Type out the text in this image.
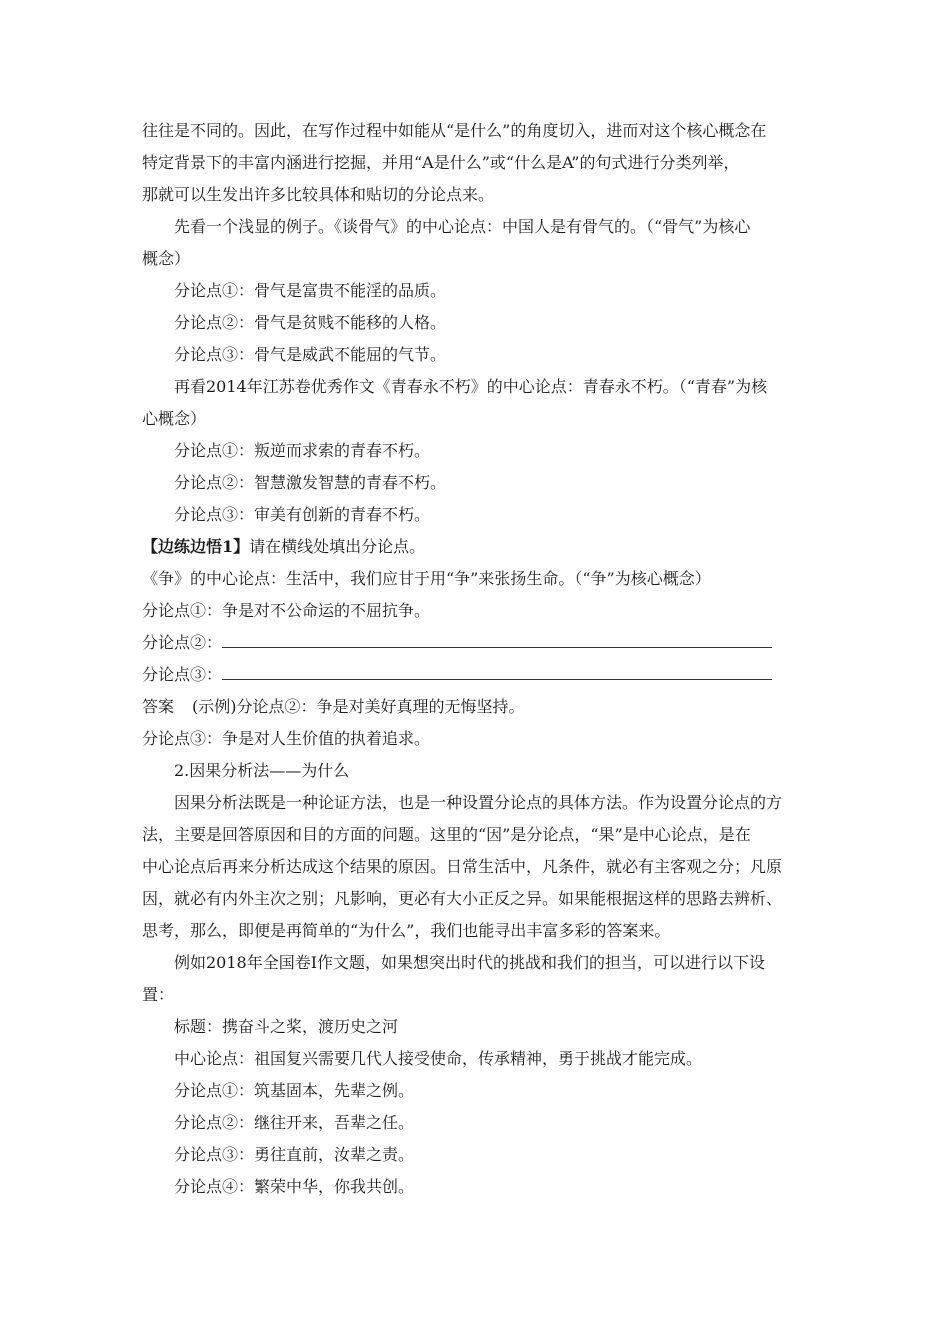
往往是不同的。因此，在写作过程中如能从“是什么”的角度切入，进而对这个核心概念在
特定背景下的丰富内涵进行挖掘，并用“A是什么”或“什么是A”的句式进行分类列举，
那就可以生发出许多比较具体和贴切的分论点来。
先看一个浅显的例子。《谈骨气》的中心论点：中国人是有骨气的。（“骨气”为核心
概念）
分论点①：骨气是富贵不能淫的品质。
分论点②：骨气是贫贱不能移的人格。
分论点③：骨气是威武不能屈的气节。
再看2014年江苏卷优秀作文《青春永不朽》的中心论点：青春永不朽。（“青春”为核
心概念）
分论点①：叛逆而求索的青春不朽。
分论点②：智慧激发智慧的青春不朽。
分论点③：审美有创新的青春不朽。
【边练边悟1】请在横线处填出分论点。
《争》的中心论点：生活中，我们应甘于用“争”来张扬生命。（“争”为核心概念）
分论点①：争是对不公命运的不屈抗争。
分论点②：
分论点③：
答案 (示例)分论点②：争是对美好真理的无悔坚持。
分论点③：争是对人生价值的执着追求。
2.因果分析法——为什么
因果分析法既是一种论证方法，也是一种设置分论点的具体方法。作为设置分论点的方
法，主要是回答原因和目的方面的问题。这里的“因”是分论点，“果”是中心论点，是在
中心论点后再来分析达成这个结果的原因。日常生活中，凡条件，就必有主客观之分；凡原
因，就必有内外主次之别；凡影响，更必有大小正反之异。如果能根据这样的思路去辨析、
思考，那么，即便是再简单的“为什么”，我们也能寻出丰富多彩的答案来。
例如2018年全国卷Ⅰ作文题，如果想突出时代的挑战和我们的担当，可以进行以下设
置：
标题：携奋斗之桨，渡历史之河
中心论点：祖国复兴需要几代人接受使命，传承精神，勇于挑战才能完成。
分论点①：筑基固本，先辈之例。
分论点②：继往开来，吾辈之任。
分论点③：勇往直前，汝辈之责。
分论点④：繁荣中华，你我共创。
